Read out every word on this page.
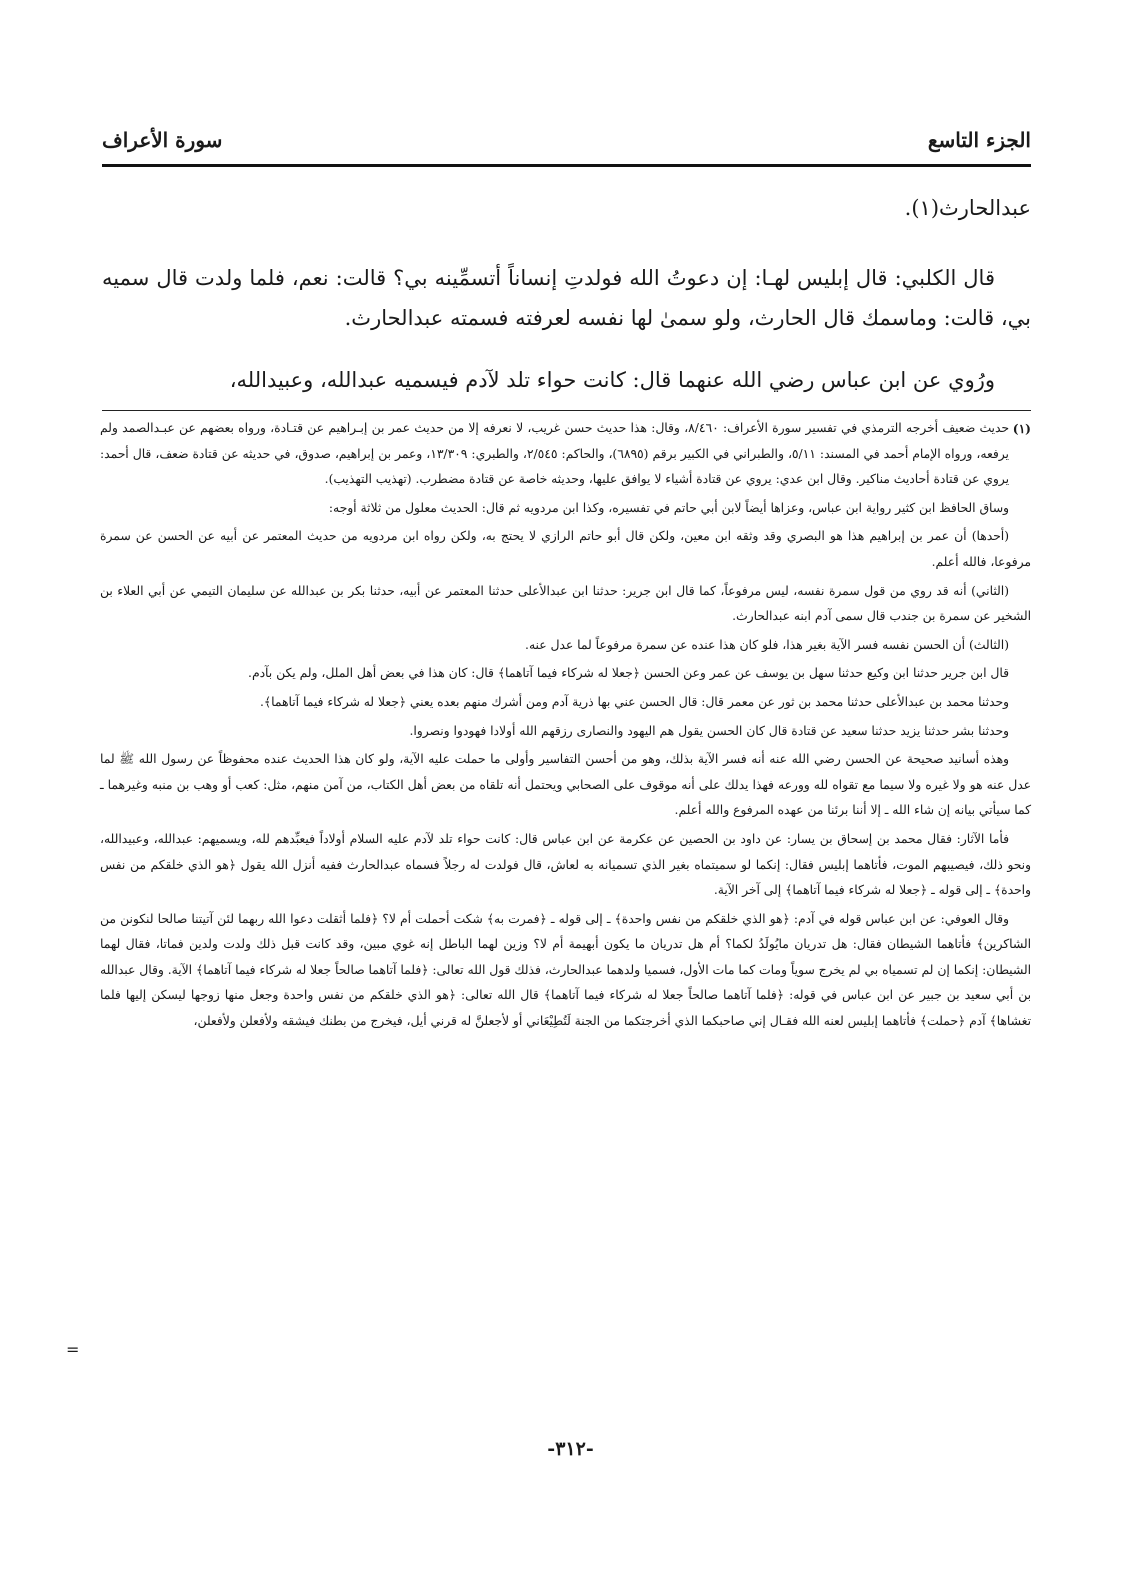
الجزء التاسع
سورة الأعراف
عبدالحارث(١).
قال الكلبي: قال إبليس لهـا: إن دعوتُ الله فولدتِ إنساناً أتسمِّينه بي؟ قالت: نعم، فلما ولدت قال سميه بي، قالت: وماسمك قال الحارث، ولو سمىٰ لها نفسه لعرفته فسمته عبدالحارث.
ورُوي عن ابن عباس رضي الله عنهما قال: كانت حواء تلد لآدم فيسميه عبدالله، وعبيدالله،
(١)

حديث ضعيف أخرجه الترمذي في تفسير سورة الأعراف: ٨/٤٦٠، وقال: هذا حديث حسن غريب، لا نعرفه إلا من حديث عمر بن إبـراهيم عن قتـادة، ورواه بعضهم عن عبـدالصمد ولم يرفعه، ورواه الإمام أحمد في المسند: ٥/١١، والطبراني في الكبير برقم (٦٨٩٥)، والحاكم: ٢/٥٤٥، والطبري: ١٣/٣٠٩، وعمر بن إبراهيم، صدوق، في حديثه عن قتادة ضعف، قال أحمد: يروي عن قتادة أحاديث مناكير. وقال ابن عدي: يروي عن قتادة أشياء لا يوافق عليها، وحديثه خاصة عن قتادة مضطرب. (تهذيب التهذيب).

وساق الحافظ ابن كثير رواية ابن عباس، وعزاها أيضاً لابن أبي حاتم في تفسيره، وكذا ابن مردويه ثم قال: الحديث معلول من ثلاثة أوجه:

(أحدها) أن عمر بن إبراهيم هذا هو البصري وقد وثقه ابن معين، ولكن قال أبو حاتم الرازي لا يحتج به، ولكن رواه ابن مردويه من حديث المعتمر عن أبيه عن الحسن عن سمرة مرفوعا، فالله أعلم.

(الثاني) أنه قد روي من قول سمرة نفسه، ليس مرفوعاً، كما قال ابن جرير: حدثنا ابن عبدالأعلى حدثنا المعتمر عن أبيه، حدثنا بكر بن عبدالله عن سليمان التيمي عن أبي العلاء بن الشخير عن سمرة بن جندب قال سمى آدم ابنه عبدالحارث.

(الثالث) أن الحسن نفسه فسر الآية بغير هذا، فلو كان هذا عنده عن سمرة مرفوعاً لما عدل عنه.

قال ابن جرير حدثنا ابن وكيع حدثنا سهل بن يوسف عن عمر وعن الحسن ﴿جعلا له شركاء فيما آتاهما﴾ قال: كان هذا في بعض أهل الملل، ولم يكن بآدم.

وحدثنا محمد بن عبدالأعلى حدثنا محمد بن ثور عن معمر قال: قال الحسن عني بها ذرية آدم ومن أشرك منهم بعده يعني ﴿جعلا له شركاء فيما آتاهما﴾.

وحدثنا بشر حدثنا يزيد حدثنا سعيد عن قتادة قال كان الحسن يقول هم اليهود والنصارى رزقهم الله أولادا فهودوا ونصروا.

وهذه أسانيد صحيحة عن الحسن رضي الله عنه أنه فسر الآية بذلك، وهو من أحسن التفاسير وأولى ما حملت عليه الآية، ولو كان هذا الحديث عنده محفوظاً عن رسول الله ﷺ لما عدل عنه هو ولا غيره ولا سيما مع تقواه لله وورعه فهذا يدلك على أنه موقوف على الصحابي ويحتمل أنه تلقاه من بعض أهل الكتاب، من آمن منهم، مثل: كعب أو وهب بن منبه وغيرهما ـ كما سيأتي بيانه إن شاء الله ـ إلا أننا برئنا من عهده المرفوع والله أعلم.

فأما الآثار: فقال محمد بن إسحاق بن يسار: عن داود بن الحصين عن عكرمة عن ابن عباس قال: كانت حواء تلد لآدم عليه السلام أولاداً فيعبِّدهم لله، ويسميهم: عبدالله، وعبيدالله، ونحو ذلك، فيصيبهم الموت، فأتاهما إبليس فقال: إنكما لو سميتماه بغير الذي تسميانه به لعاش، قال فولدت له رجلاً فسماه عبدالحارث ففيه أنزل الله يقول ﴿هو الذي خلقكم من نفس واحدة﴾ ـ إلى قوله ـ ﴿جعلا له شركاء فيما آتاهما﴾ إلى آخر الآية.

وقال العوفي: عن ابن عباس قوله في آدم: ﴿هو الذي خلقكم من نفس واحدة﴾ ـ إلى قوله ـ ﴿فمرت به﴾ شكت أحملت أم لا؟ ﴿فلما أثقلت دعوا الله ربهما لئن آتيتنا صالحا لنكونن من الشاكرين﴾ فأتاهما الشيطان فقال: هل تدريان مايُولَدُ لكما؟ أم هل تدريان ما يكون أبهيمة أم لا؟ وزين لهما الباطل إنه غوي مبين، وقد كانت قبل ذلك ولدت ولدين فماتا، فقال لهما الشيطان: إنكما إن لم تسمياه بي لم يخرج سوياً ومات كما مات الأول، فسميا ولدهما عبدالحارث، فذلك قول الله تعالى: ﴿فلما آتاهما صالحاً جعلا له شركاء فيما آتاهما﴾ الآية. وقال عبدالله بن أبي سعيد بن جبير عن ابن عباس في قوله: ﴿فلما آتاهما صالحاً جعلا له شركاء فيما آتاهما﴾ قال الله تعالى: ﴿هو الذي خلقكم من نفس واحدة وجعل منها زوجها ليسكن إليها فلما تغشاها﴾ آدم ﴿حملت﴾ فأتاهما إبليس لعنه الله فقـال إني صاحبكما الذي أخرجتكما من الجنة لَتُطِيْعَاني أو لأجعلنَّ له قرني أيل، فيخرج من بطنك فيشقه ولأفعلن ولأفعلن،

=
-٣١٢-
